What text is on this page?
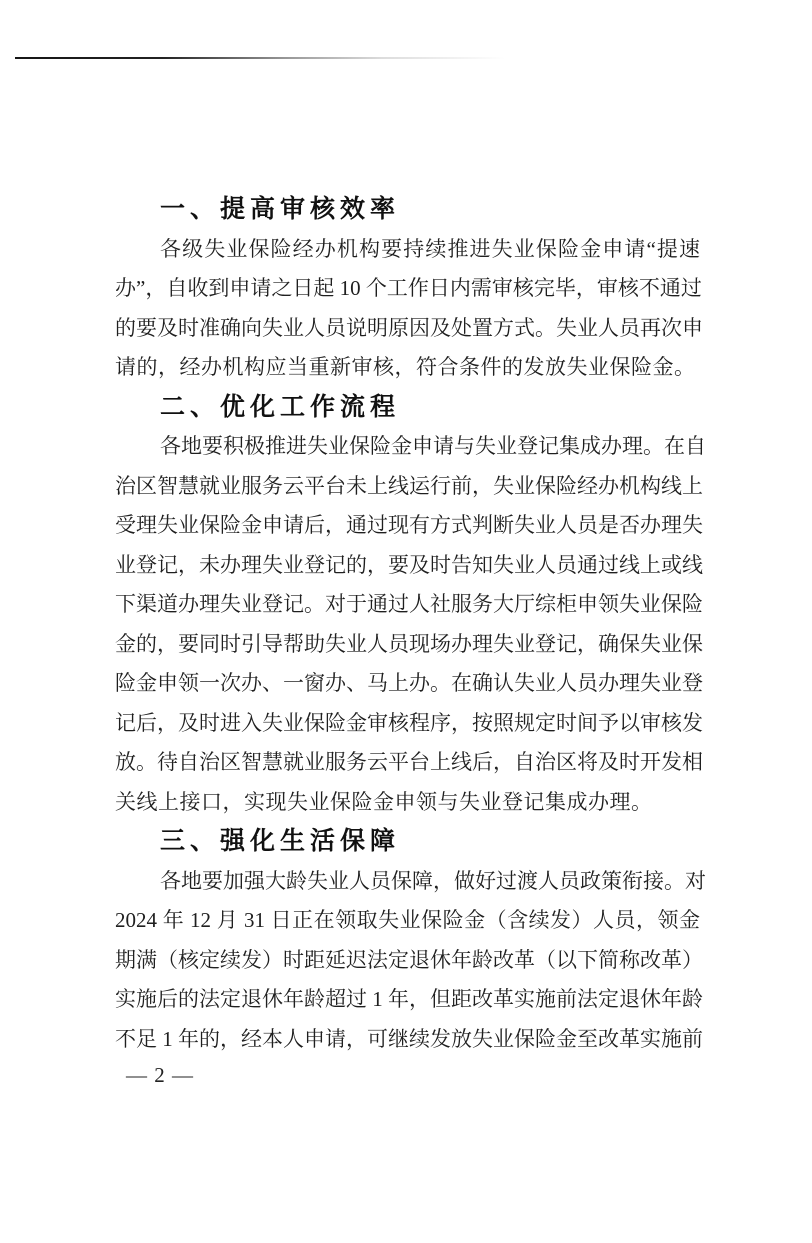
一、提高审核效率
各级失业保险经办机构要持续推进失业保险金申请“提速
办”，自收到申请之日起 10 个工作日内需审核完毕，审核不通过
的要及时准确向失业人员说明原因及处置方式。失业人员再次申
请的，经办机构应当重新审核，符合条件的发放失业保险金。
二、优化工作流程
各地要积极推进失业保险金申请与失业登记集成办理。在自
治区智慧就业服务云平台未上线运行前，失业保险经办机构线上
受理失业保险金申请后，通过现有方式判断失业人员是否办理失
业登记，未办理失业登记的，要及时告知失业人员通过线上或线
下渠道办理失业登记。对于通过人社服务大厅综柜申领失业保险
金的，要同时引导帮助失业人员现场办理失业登记，确保失业保
险金申领一次办、一窗办、马上办。在确认失业人员办理失业登
记后，及时进入失业保险金审核程序，按照规定时间予以审核发
放。待自治区智慧就业服务云平台上线后，自治区将及时开发相
关线上接口，实现失业保险金申领与失业登记集成办理。
三、强化生活保障
各地要加强大龄失业人员保障，做好过渡人员政策衔接。对
2024 年 12 月 31 日正在领取失业保险金（含续发）人员，领金
期满（核定续发）时距延迟法定退休年龄改革（以下简称改革）
实施后的法定退休年龄超过 1 年，但距改革实施前法定退休年龄
不足 1 年的，经本人申请，可继续发放失业保险金至改革实施前
— 2 —
